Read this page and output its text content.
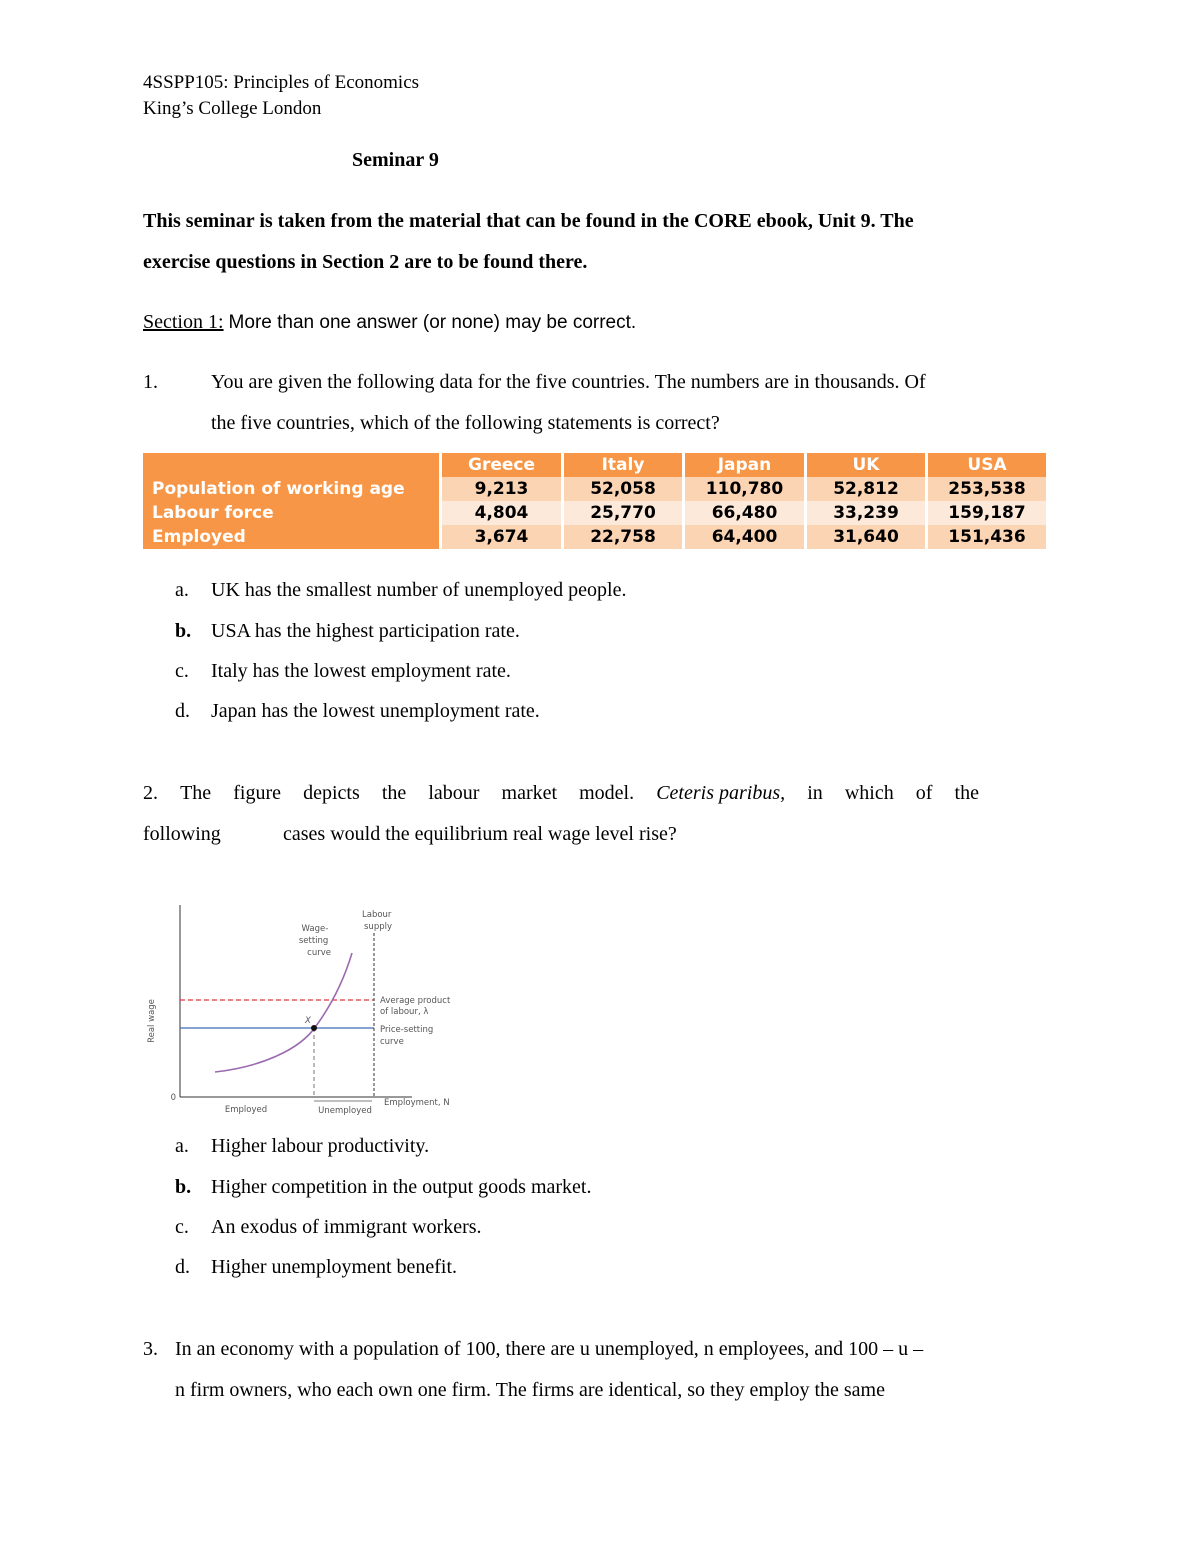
4SSPP105: Principles of Economics
King’s College London
Seminar 9
This seminar is taken from the material that can be found in the CORE ebook, Unit 9. The
exercise questions in Section 2 are to be found there.
Section 1: More than one answer (or none) may be correct.
1.	You are given the following data for the five countries. The numbers are in thousands. Of
the five countries, which of the following statements is correct?
	Greece	Italy	Japan	UK	USA
Population of working age	9,213	52,058	110,780	52,812	253,538
Labour force	4,804	25,770	66,480	33,239	159,187
Employed	3,674	22,758	64,400	31,640	151,436
a. UK has the smallest number of unemployed people.
b. USA has the highest participation rate.
c. Italy has the lowest employment rate.
d. Japan has the lowest unemployment rate.
2. The figure depicts the labour market model. Ceteris paribus, in which of the
following	cases would the equilibrium real wage level rise?
0
Real wage	X
Wage- setting curve
Labour supply
Average product of labour, λ
Price-setting curve
Employed	Unemployed
Employment, N
a. Higher labour productivity.
b. Higher competition in the output goods market.
c. An exodus of immigrant workers.
d. Higher unemployment benefit.
3. In an economy with a population of 100, there are u unemployed, n employees, and 100 – u –
n firm owners, who each own one firm. The firms are identical, so they employ the same
